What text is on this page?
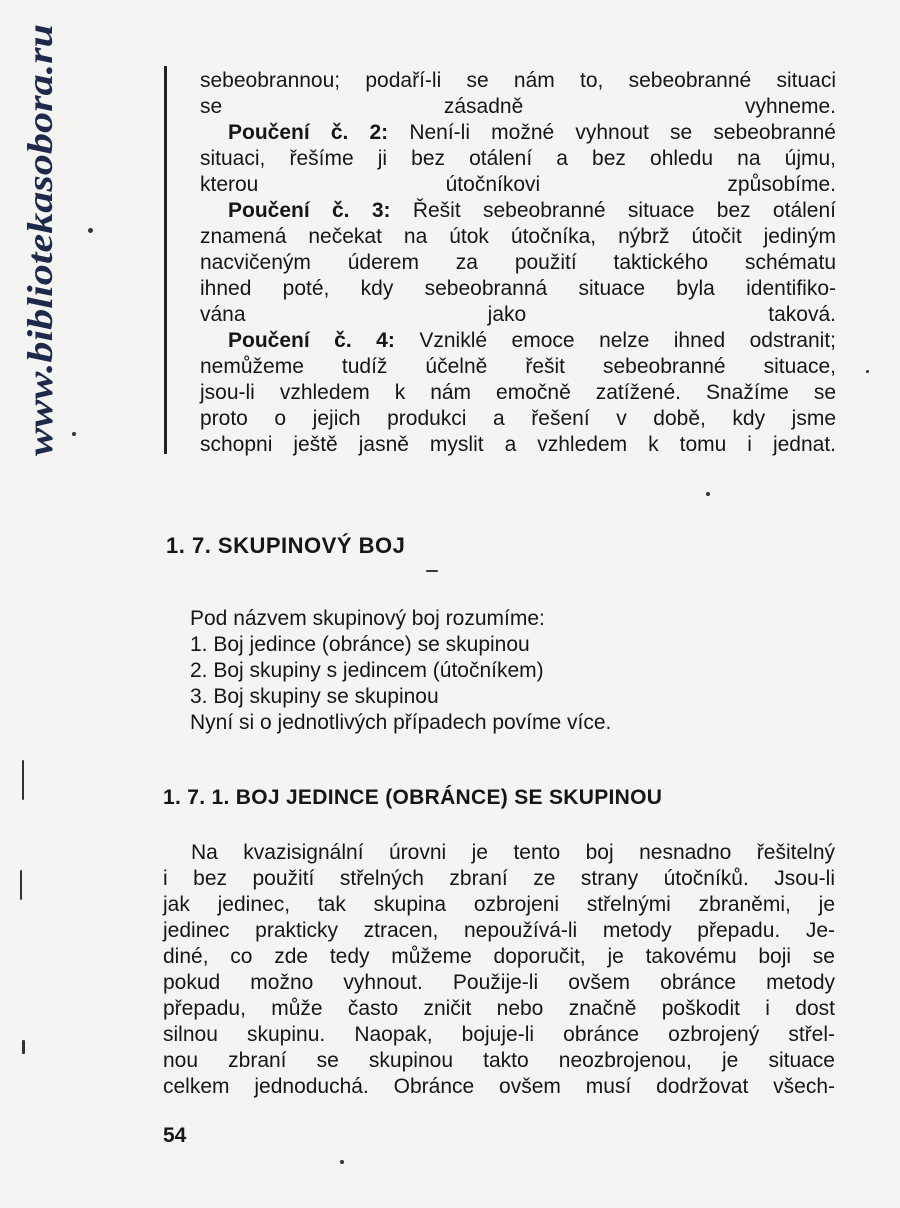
www.bibliotekasobora.ru

sebeobrannou; podaří-li se nám to, sebeobranné situaci
se zásadně vyhneme.

Poučení č. 2: Není-li možné vyhnout se sebeobranné
situaci, řešíme ji bez otálení a bez ohledu na újmu,
kterou útočníkovi způsobíme.

Poučení č. 3: Řešit sebeobranné situace bez otálení
znamená nečekat na útok útočníka, nýbrž útočit jediným
nacvičeným úderem za použití taktického schématu
ihned poté, kdy sebeobranná situace byla identifiko-
vána jako taková.

Poučení č. 4: Vzniklé emoce nelze ihned odstranit;
nemůžeme tudíž účelně řešit sebeobranné situace,
jsou-li vzhledem k nám emočně zatížené. Snažíme se
proto o jejich produkci a řešení v době, kdy jsme
schopni ještě jasně myslit a vzhledem k tomu i jednat.

1. 7. SKUPINOVÝ BOJ

Pod názvem skupinový boj rozumíme:

1. Boj jedince (obránce) se skupinou

2. Boj skupiny s jedincem (útočníkem)

3. Boj skupiny se skupinou

Nyní si o jednotlivých případech povíme více.

1. 7. 1. BOJ JEDINCE (OBRÁNCE) SE SKUPINOU

Na kvazisignální úrovni je tento boj nesnadno řešitelný
i bez použití střelných zbraní ze strany útočníků. Jsou-li
jak jedinec, tak skupina ozbrojeni střelnými zbraněmi, je
jedinec prakticky ztracen, nepoužívá-li metody přepadu. Je-
diné, co zde tedy můžeme doporučit, je takovému boji se
pokud možno vyhnout. Použije-li ovšem obránce metody
přepadu, může často zničit nebo značně poškodit i dost
silnou skupinu. Naopak, bojuje-li obránce ozbrojený střel-
nou zbraní se skupinou takto neozbrojenou, je situace
celkem jednoduchá. Obránce ovšem musí dodržovat všech-

54
